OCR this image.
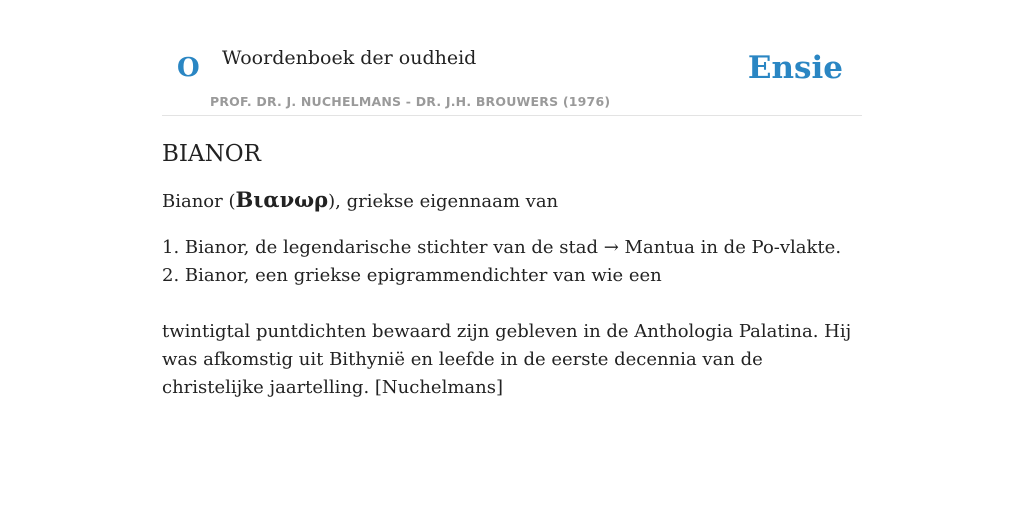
O Woordenboek der oudheid
PROF. DR. J. NUCHELMANS - DR. J.H. BROUWERS (1976)
Ensie
BIANOR

Bianor (Βιανωρ), griekse eigennaam van

1. Bianor, de legendarische stichter van de stad → Mantua in de Po-vlakte.
2. Bianor, een griekse epigrammendichter van wie een

twintigtal puntdichten bewaard zijn gebleven in de Anthologia Palatina. Hij was afkomstig uit Bithynië en leefde in de eerste decennia van de christelijke jaartelling. [Nuchelmans]
